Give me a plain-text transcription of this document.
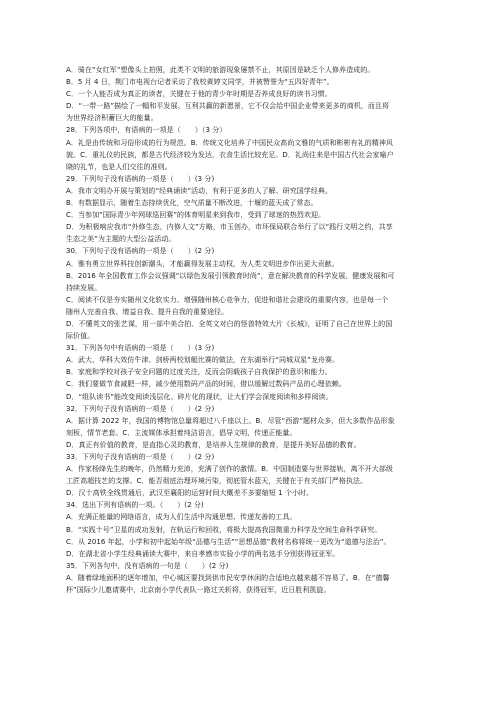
A．骑在“女红军”塑像头上拍照，此类不文明的旅游现象屡禁不止，其原因是缺乏个人修养造成的。
B．5 月 4 日，荆门市电视台记者采访了我校黄婷文同学，并被赞誉为“五四好青年”。
C．一个人能否成为真正的读者，关键在于他的青少年时期是否养成良好的读书习惯。
D．“一带一路”描绘了一幅和平发展、互利共赢的新愿景，它不仅会给中国企业带来更多的商机，而且将
为世界经济积蓄巨大的能量。
28．下列各项中，有语病的一项是（　　）（3 分）
A．礼是由传统和习俗形成的行为规范。B．传统文化培养了中国民众高尚文雅的气质和彬彬有礼的精神风
貌。C．重礼仪的民族，都是古代经济较为发达，衣食生活比较充足。D．礼尚往来是中国古代社会家喻户
晓的礼节，也是人们交往的准则。
29．下列句子没有语病的一项是（　　）(3 分)
A．我市文明办开展与策划的“经典诵读”活动，有利于更多的人了解、研究国学经典。
B．有数据显示，随着生态持续优化，空气质量不断改进，十堰的蓝天成了常态。
C．当参加“国际青少年网球巡回赛”的体育明星来到我市，受到了球迷的热烈欢迎。
D．为积极响应我市“外修生态，内修人文”方略，市玉创办，市环保局联合举行了以“践行文明之约，共享
生态之美”为主题的大型公益活动。
30．下列句子没有语病的一项是（　　）(2 分)
A．雅有勇立世界科技创新潮头，才能赢得发展主动权，为人类文明进步作出更大贡献。
B．2016 年全国教育工作会议强调“以绿色发展引领教育时尚”，意在解决教育的科学发展、健康发展和可
持续发展。
C．阅读不仅是夯实随州文化软实力、增强随州核心竞争力，促进和谐社会建设的重要内容，也是每一个
随州人完善自我、增益自我、提升自我的重要途径。
D．不懂英文的张艺谋，用一部中美合拍、全英文对白的怪兽特效大片《长城》，证明了自己在世界上的国
际价值。
31．下列各句中有语病的一项是（　　）(3 分)
A．武大、华科大效仿牛津、剑桥两校划艇比赛的做法，在东湖举行“同城双星”龙舟赛。
B．家庭和学校对孩子安全问题的过度关注，反而会阴载孩子自我保护的意识和能力。
C．我们要做节食减肥一样，减少使用数码产品的时间，借以缓解过数码产品的心理依赖。
D．“组队读书”能改变阅读浅层化、碎片化的现状，让大们学会深度阅读和多样阅读。
32．下列句子没有语病的一项是（　　）(2 分)
A．据计算 2022 年，我国的博物馆总量将超过八千座以上。B．尽管“西游”题材众多，但大多数作品形象
刻板，情节老套。C．主流媒体承担着纯洁语言，倡导文明，传递正能量。
D．真正有价值的教育，是直指心灵的教育，是培养人生规律的教育，是提升美好品德的教育。
33．下列句子没有语病的一项是（　　）(2 分)
A．作家杨绛先生的晚年，仍然精力充沛，充满了创作的激情。B．中国制造要与世界接轨，离不开大部级
工匠高超技艺的支撑。C．能否彻底治理环境污染，彻底管水蓝天，关键在于有关部门严格执法。
D．汉十高铁全线贯通后，武汉至襄阳的运营时间大概差不多要缩短 1 个小时。
34．选出下列有语病的一项。（　　）(2 分)
A．充满正能量的网络语言，成为人们生活中沟通思想、传递友善的工具。
B．“实践十号”卫星的成功发射，在轨运行和回收，将极大提高我国微重力科学及空间生命科学研究。
C．从 2016 年起，小学和初中起始年级“品德与生活”“思想品德”教材名称将统一更改为“道德与法治”。
D．在湖北省小学生经典诵读大赛中，来自孝感市实验小学的两名选手分别获得冠亚军。
35．下列各句中，没有语病的一句是（　　）(2 分)
A．随着绿地面积的逐年增加，中心城区要找到供市民安享休闲的合适地点越来越不容易了。B．在“德馨
杯”国际少儿邀请赛中，北京南小学代表队一路过关斩将，获得冠军，近日胜利凯旋。
